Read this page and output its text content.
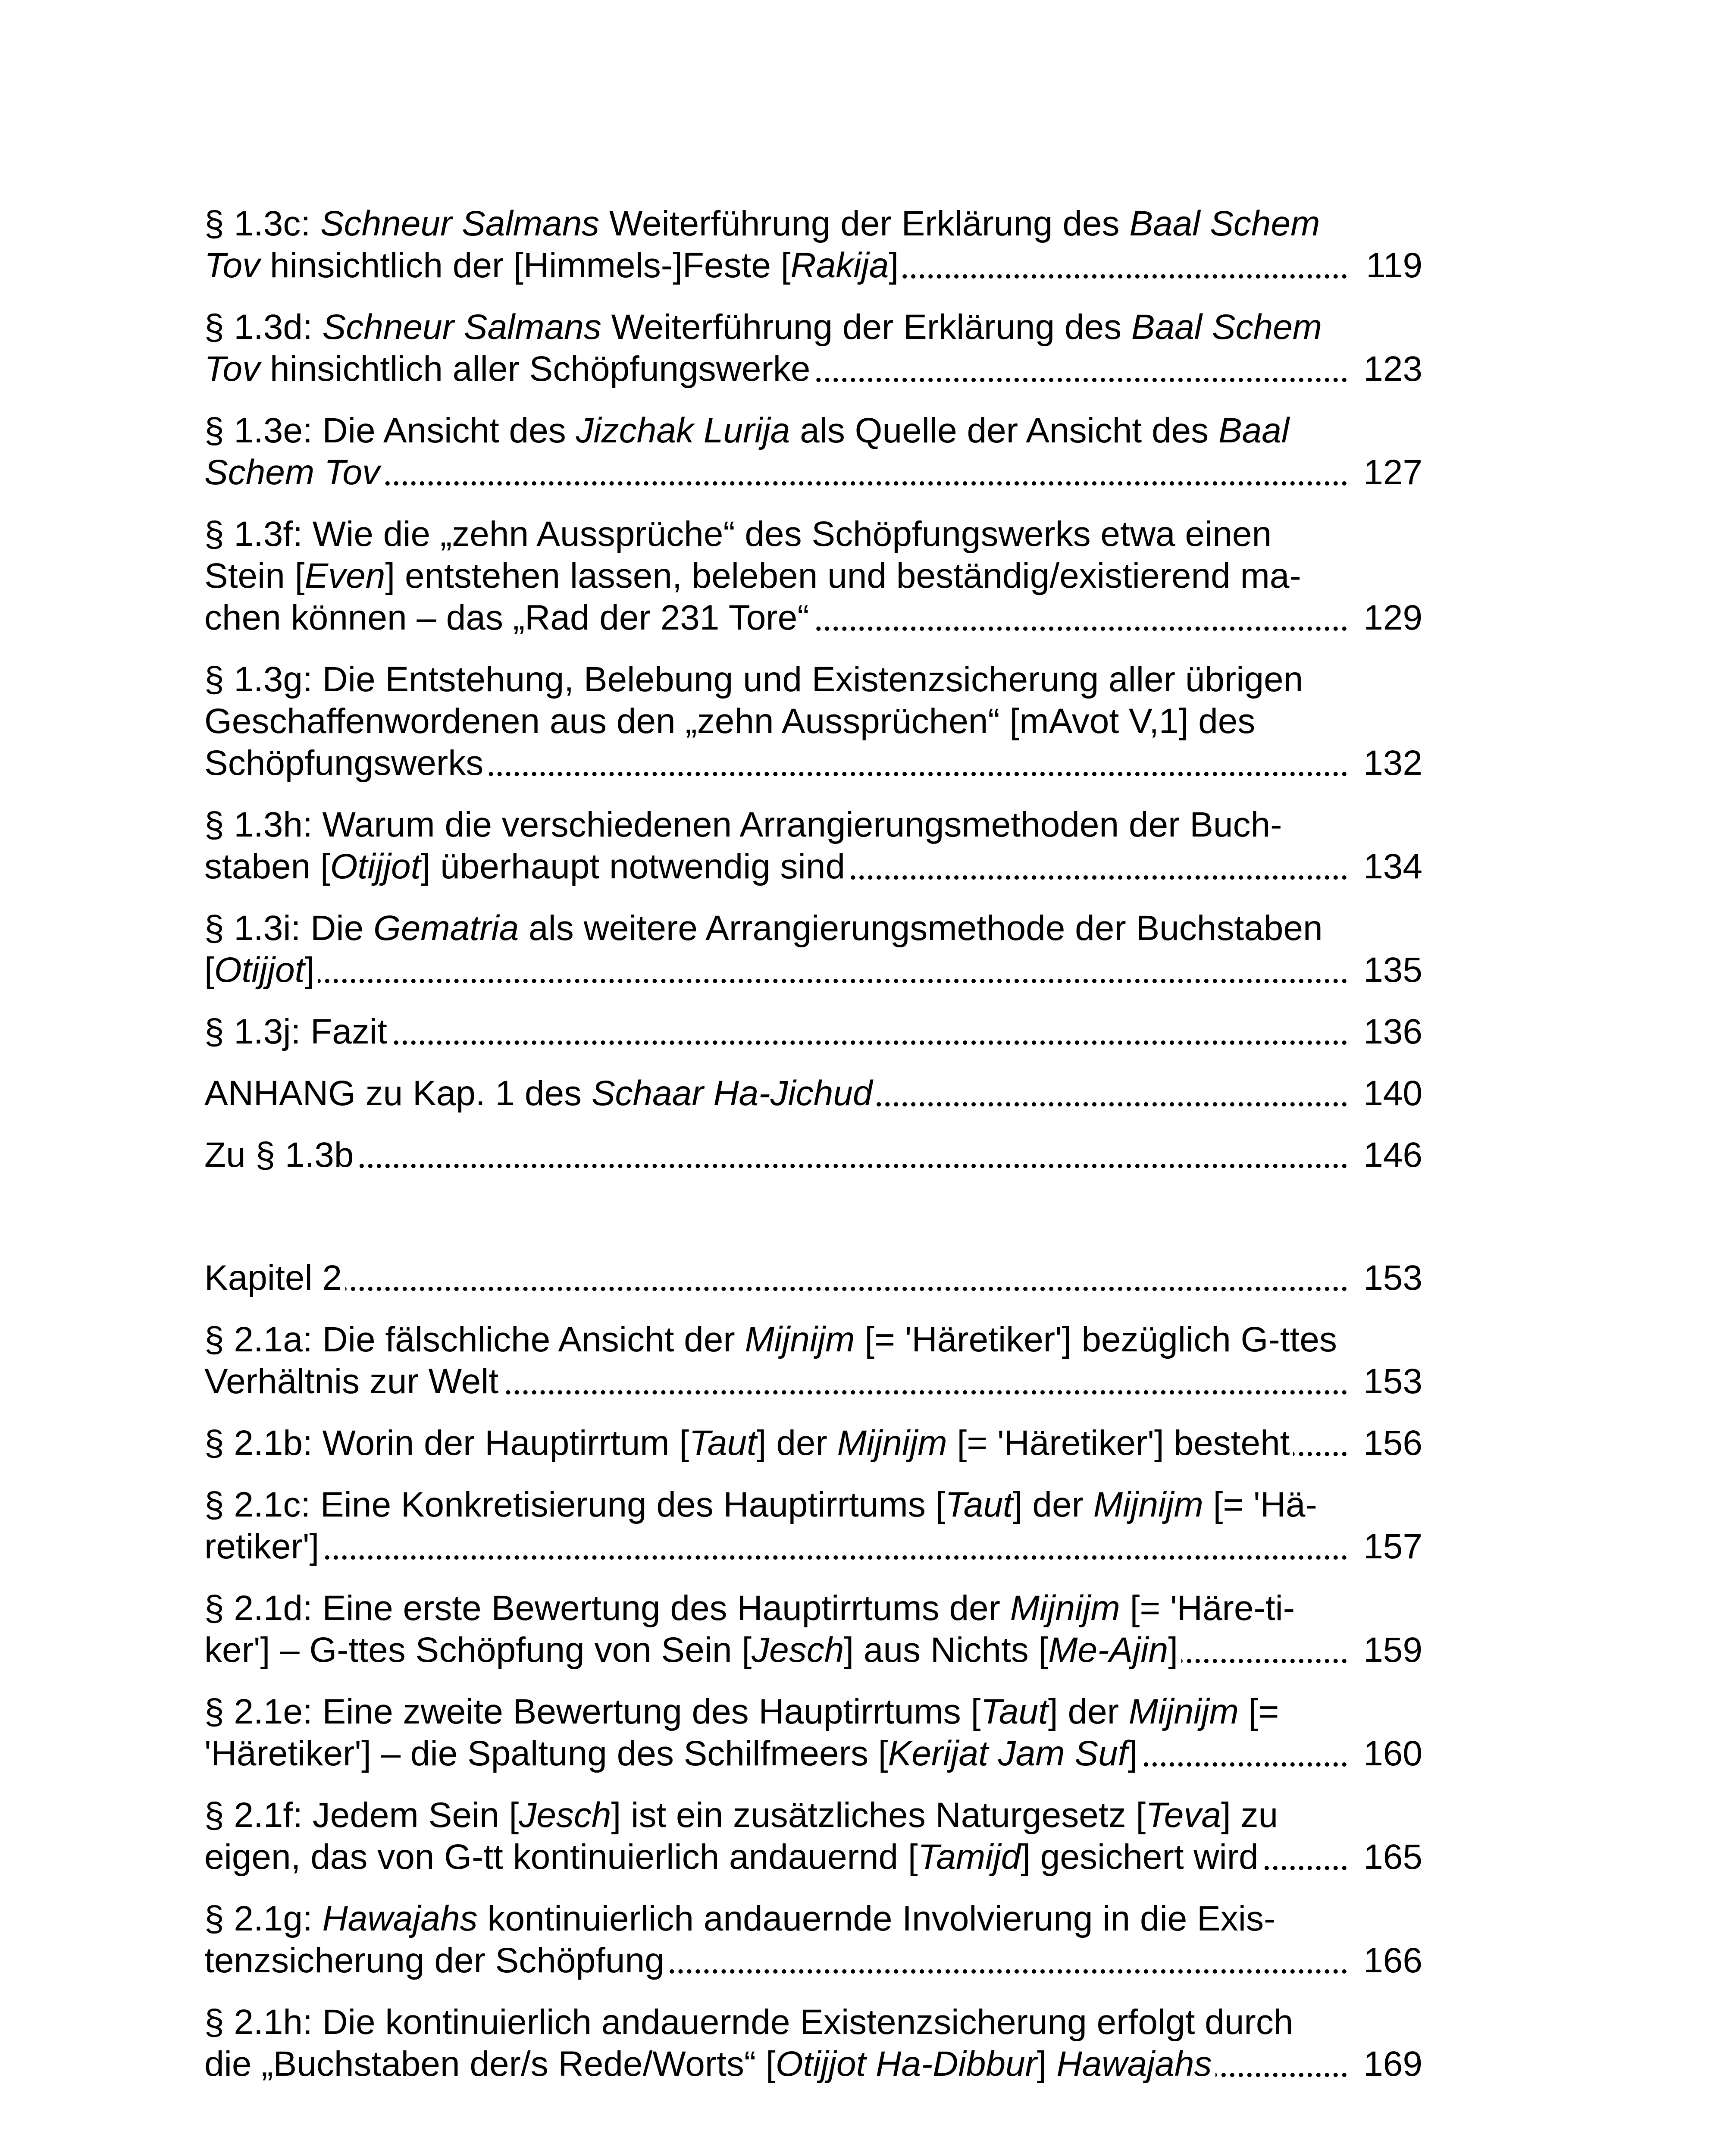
§ 1.3c: Schneur Salmans Weiterführung der Erklärung des Baal Schem Tov hinsichtlich der [Himmels-]Feste [Rakija]	119
§ 1.3d: Schneur Salmans Weiterführung der Erklärung des Baal Schem Tov hinsichtlich aller Schöpfungswerke	123
§ 1.3e: Die Ansicht des Jizchak Lurija als Quelle der Ansicht des Baal Schem Tov	127
§ 1.3f: Wie die „zehn Aussprüche“ des Schöpfungswerks etwa einen Stein [Even] entstehen lassen, beleben und beständig/existierend ma-chen können – das „Rad der 231 Tore“	129
§ 1.3g: Die Entstehung, Belebung und Existenzsicherung aller übrigen Geschaffenwordenen aus den „zehn Aussprüchen“ [mAvot V,1] des Schöpfungswerks	132
§ 1.3h: Warum die verschiedenen Arrangierungsmethoden der Buch-staben [Otijjot] überhaupt notwendig sind	134
§ 1.3i: Die Gematria als weitere Arrangierungsmethode der Buchstaben [Otijjot]	135
§ 1.3j: Fazit	136
ANHANG zu Kap. 1 des Schaar Ha-Jichud	140
Zu § 1.3b	146
Kapitel 2	153
§ 2.1a: Die fälschliche Ansicht der Mijnijm [= 'Häretiker'] bezüglich G-ttes Verhältnis zur Welt	153
§ 2.1b: Worin der Hauptirrtum [Taut] der Mijnijm [= 'Häretiker'] besteht	156
§ 2.1c: Eine Konkretisierung des Hauptirrtums [Taut] der Mijnijm [= 'Hä-retiker']	157
§ 2.1d: Eine erste Bewertung des Hauptirrtums der Mijnijm [= 'Häre-ti-ker'] – G-ttes Schöpfung von Sein [Jesch] aus Nichts [Me-Ajin]	159
§ 2.1e: Eine zweite Bewertung des Hauptirrtums [Taut] der Mijnijm [= 'Häretiker'] – die Spaltung des Schilfmeers [Kerijat Jam Suf]	160
§ 2.1f: Jedem Sein [Jesch] ist ein zusätzliches Naturgesetz [Teva] zu eigen, das von G-tt kontinuierlich andauernd [Tamijd] gesichert wird	165
§ 2.1g: Hawajahs kontinuierlich andauernde Involvierung in die Exis-tenzsicherung der Schöpfung	166
§ 2.1h: Die kontinuierlich andauernde Existenzsicherung erfolgt durch die „Buchstaben der/s Rede/Worts“ [Otijjot Ha-Dibbur] Hawajahs	169
